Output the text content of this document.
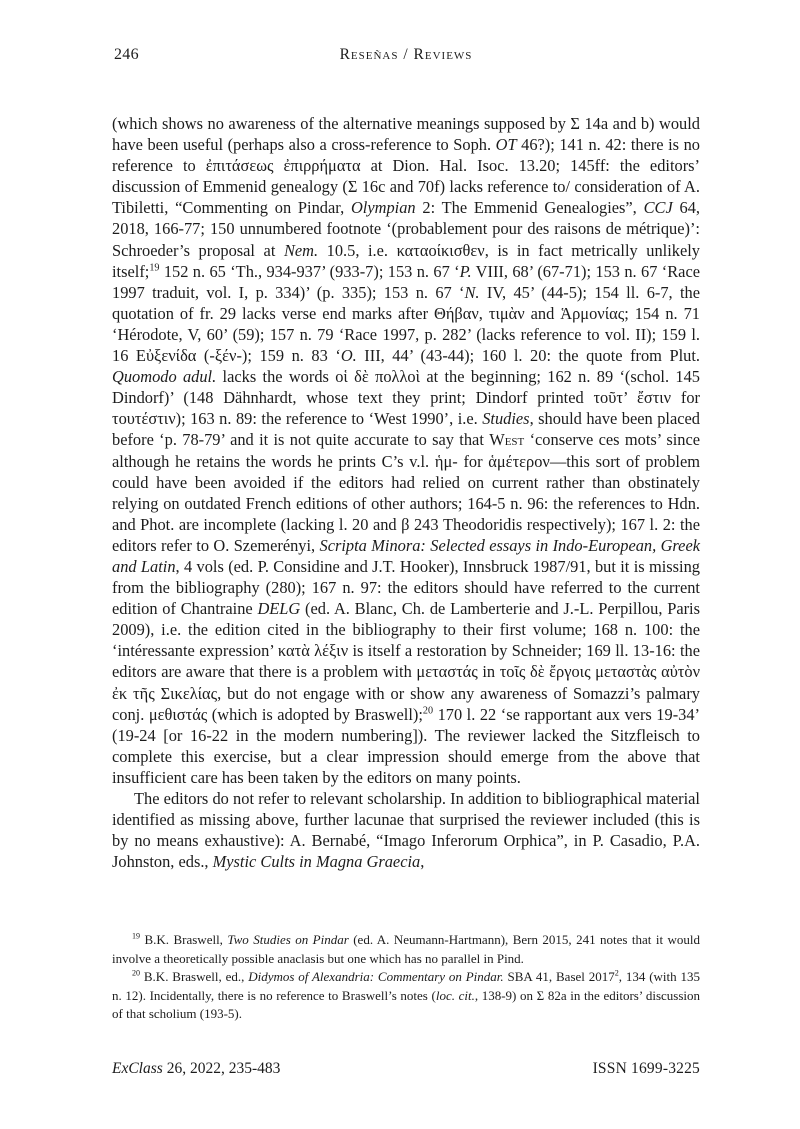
246	Reseñas / Reviews

(which shows no awareness of the alternative meanings supposed by Σ 14a and b) would have been useful (perhaps also a cross-reference to Soph. OT 46?); 141 n. 42: there is no reference to ἐπιτάσεως ἐπιρρήματα at Dion. Hal. Isoc. 13.20; 145ff: the editors’ discussion of Emmenid genealogy (Σ 16c and 70f) lacks reference to/ consideration of A. Tibiletti, “Commenting on Pindar, Olympian 2: The Emmenid Genealogies”, CCJ 64, 2018, 166-77; 150 unnumbered footnote ‘(probablement pour des raisons de métrique)’: Schroeder’s proposal at Nem. 10.5, i.e. καταοίκισθεν, is in fact metrically unlikely itself;$^{19}$ 152 n. 65 ‘Th., 934-937’ (933-7); 153 n. 67 ‘P. VIII, 68’ (67-71); 153 n. 67 ‘Race 1997 traduit, vol. I, p. 334)’ (p. 335); 153 n. 67 ‘N. IV, 45’ (44-5); 154 ll. 6-7, the quotation of fr. 29 lacks verse end marks after Θήβαν, τιμὰν and Ἁρμονίας; 154 n. 71 ‘Hérodote, V, 60’ (59); 157 n. 79 ‘Race 1997, p. 282’ (lacks reference to vol. II); 159 l. 16 Εὐξενίδα (-ξέν-); 159 n. 83 ‘O. III, 44’ (43-44); 160 l. 20: the quote from Plut. Quomodo adul. lacks the words οἱ δὲ πολλοὶ at the beginning; 162 n. 89 ‘(schol. 145 Dindorf)’ (148 Dähnhardt, whose text they print; Dindorf printed τοῦτ’ ἔστιν for τουτέστιν); 163 n. 89: the reference to ‘West 1990’, i.e. Studies, should have been placed before ‘p. 78-79’ and it is not quite accurate to say that West ‘conserve ces mots’ since although he retains the words he prints C’s v.l. ἡμ- for ἁμέτερον—this sort of problem could have been avoided if the editors had relied on current rather than obstinately relying on outdated French editions of other authors; 164-5 n. 96: the references to Hdn. and Phot. are incomplete (lacking l. 20 and β 243 Theodoridis respectively); 167 l. 2: the editors refer to O. Szemerényi, Scripta Minora: Selected essays in Indo-European, Greek and Latin, 4 vols (ed. P. Considine and J.T. Hooker), Innsbruck 1987/91, but it is missing from the bibliography (280); 167 n. 97: the editors should have referred to the current edition of Chantraine DELG (ed. A. Blanc, Ch. de Lamberterie and J.-L. Perpillou, Paris 2009), i.e. the edition cited in the bibliography to their first volume; 168 n. 100: the ‘intéressante expression’ κατὰ λέξιν is itself a restoration by Schneider; 169 ll. 13-16: the editors are aware that there is a problem with μεταστάς in τοῖς δὲ ἔργοις μεταστὰς αὐτὸν ἐκ τῆς Σικελίας, but do not engage with or show any awareness of Somazzi’s palmary conj. μεθιστάς (which is adopted by Braswell);$^{20}$ 170 l. 22 ‘se rapportant aux vers 19-34’ (19-24 [or 16-22 in the modern numbering]). The reviewer lacked the Sitzfleisch to complete this exercise, but a clear impression should emerge from the above that insufficient care has been taken by the editors on many points.

The editors do not refer to relevant scholarship. In addition to bibliographical material identified as missing above, further lacunae that surprised the reviewer included (this is by no means exhaustive): A. Bernabé, “Imago Inferorum Orphica”, in P. Casadio, P.A. Johnston, eds., Mystic Cults in Magna Graecia,

$^{19}$ B.K. Braswell, Two Studies on Pindar (ed. A. Neumann-Hartmann), Bern 2015, 241 notes that it would involve a theoretically possible anaclasis but one which has no parallel in Pind.

$^{20}$ B.K. Braswell, ed., Didymos of Alexandria: Commentary on Pindar. SBA 41, Basel 2017$^2$, 134 (with 135 n. 12). Incidentally, there is no reference to Braswell’s notes (loc. cit., 138-9) on Σ 82a in the editors’ discussion of that scholium (193-5).

ExClass 26, 2022, 235-483	ISSN 1699-3225
